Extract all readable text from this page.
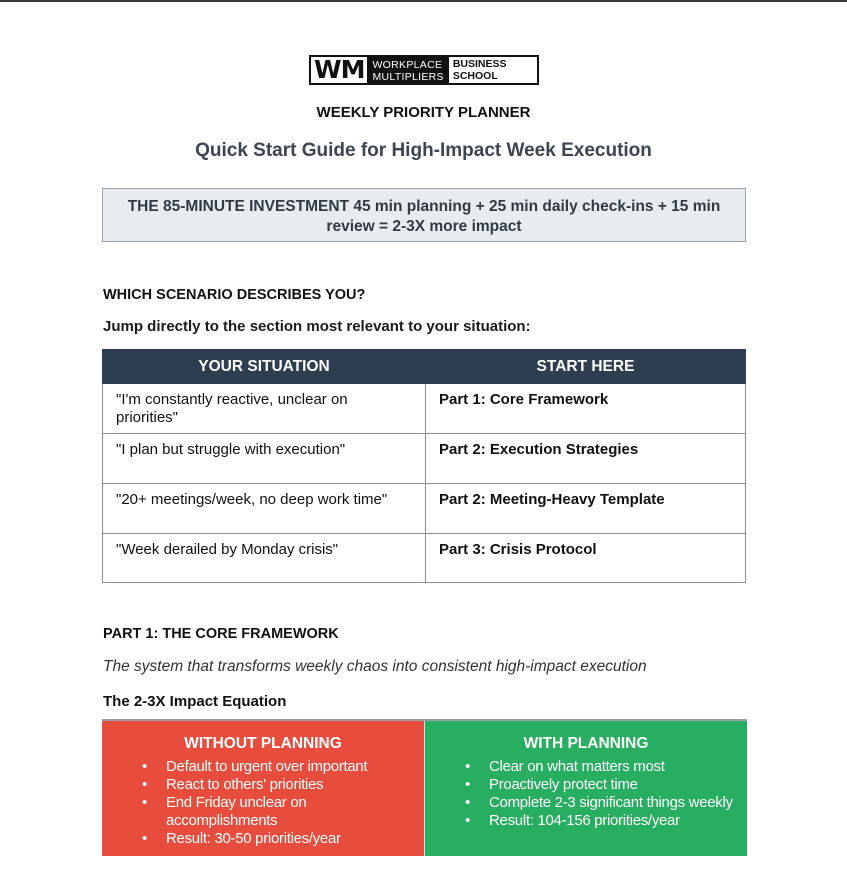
WM WORKPLACE
MULTIPLIERS
BUSINESS
SCHOOL
WEEKLY PRIORITY PLANNER
Quick Start Guide for High-Impact Week Execution
THE 85-MINUTE INVESTMENT 45 min planning + 25 min daily check-ins + 15 min review = 2-3X more impact
WHICH SCENARIO DESCRIBES YOU?
Jump directly to the section most relevant to your situation:
YOUR SITUATION	START HERE
"I'm constantly reactive, unclear on priorities"	Part 1: Core Framework
"I plan but struggle with execution"	Part 2: Execution Strategies
"20+ meetings/week, no deep work time"	Part 2: Meeting-Heavy Template
"Week derailed by Monday crisis"	Part 3: Crisis Protocol
PART 1: THE CORE FRAMEWORK
The system that transforms weekly chaos into consistent high-impact execution
The 2-3X Impact Equation
WITHOUT PLANNING
• Default to urgent over important
• React to others' priorities
• End Friday unclear on accomplishments
• Result: 30-50 priorities/year
WITH PLANNING
• Clear on what matters most
• Proactively protect time
• Complete 2-3 significant things weekly
• Result: 104-156 priorities/year
